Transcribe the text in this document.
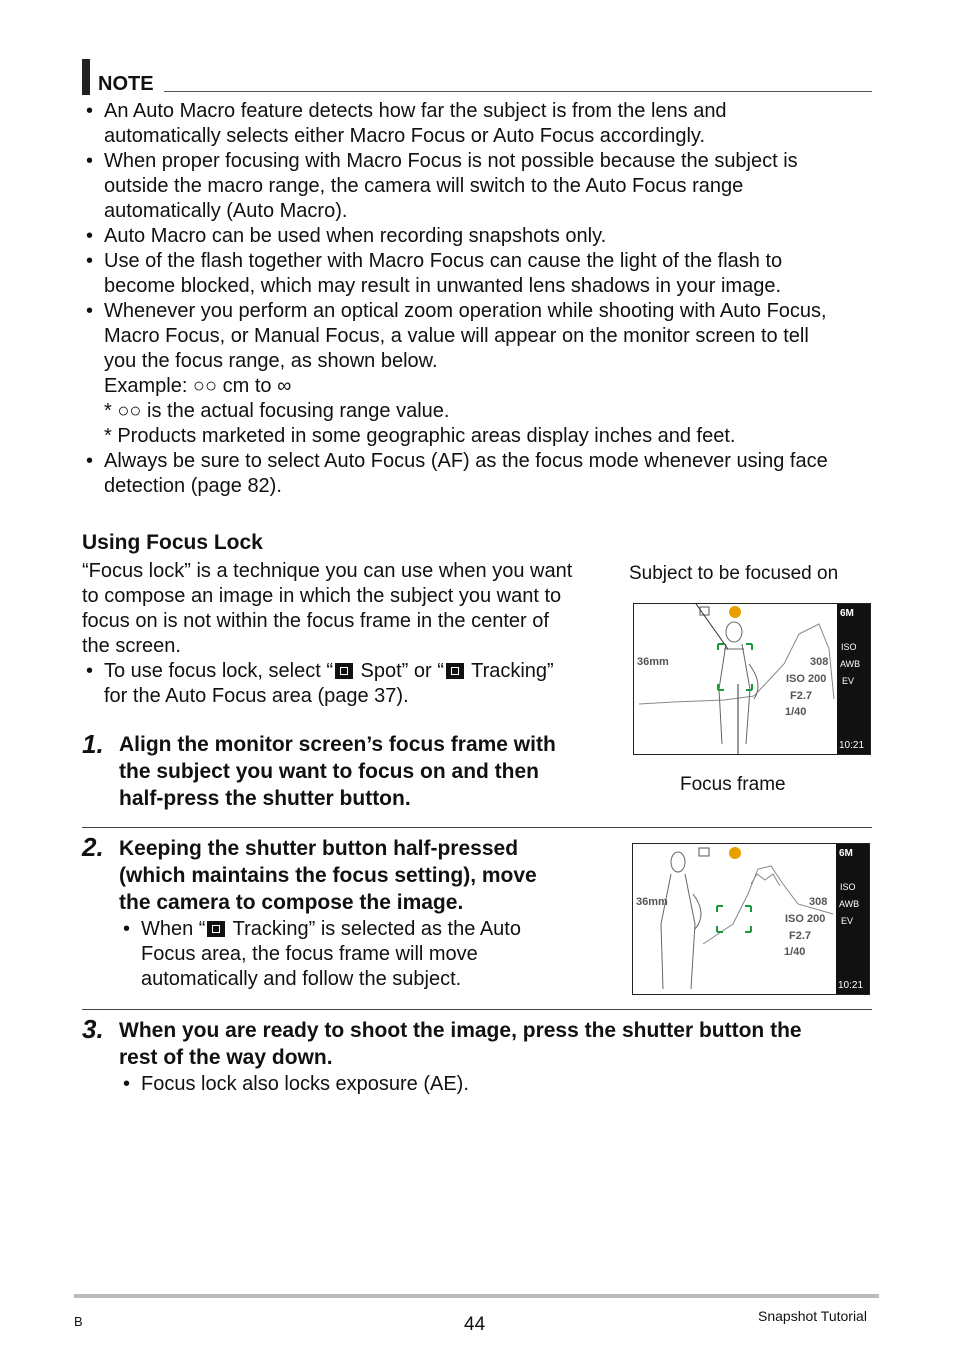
NOTE
• An Auto Macro feature detects how far the subject is from the lens and
automatically selects either Macro Focus or Auto Focus accordingly.
• When proper focusing with Macro Focus is not possible because the subject is
outside the macro range, the camera will switch to the Auto Focus range
automatically (Auto Macro).
• Auto Macro can be used when recording snapshots only.
• Use of the flash together with Macro Focus can cause the light of the flash to
become blocked, which may result in unwanted lens shadows in your image.
• Whenever you perform an optical zoom operation while shooting with Auto Focus,
Macro Focus, or Manual Focus, a value will appear on the monitor screen to tell
you the focus range, as shown below.
Example: ○○ cm to ∞
* ○○ is the actual focusing range value.
* Products marketed in some geographic areas display inches and feet.
• Always be sure to select Auto Focus (AF) as the focus mode whenever using face
detection (page 82).
Using Focus Lock
“Focus lock” is a technique you can use when you want
to compose an image in which the subject you want to
focus on is not within the focus frame in the center of
the screen.
• To use focus lock, select “ Spot” or “ Tracking”
for the Auto Focus area (page 37).
Subject to be focused on
Focus frame
6M
ISO
AWB
EV
10:21
36mm	308
ISO 200
F2.7
1/40
1. Align the monitor screen’s focus frame with
the subject you want to focus on and then
half-press the shutter button.
2. Keeping the shutter button half-pressed
(which maintains the focus setting), move
the camera to compose the image.
• When “ Tracking” is selected as the Auto
Focus area, the focus frame will move
automatically and follow the subject.
6M
ISO
AWB
EV
10:21
36mm	308
ISO 200
F2.7
1/40
3. When you are ready to shoot the image, press the shutter button the
rest of the way down.
• Focus lock also locks exposure (AE).
B	44	Snapshot Tutorial
